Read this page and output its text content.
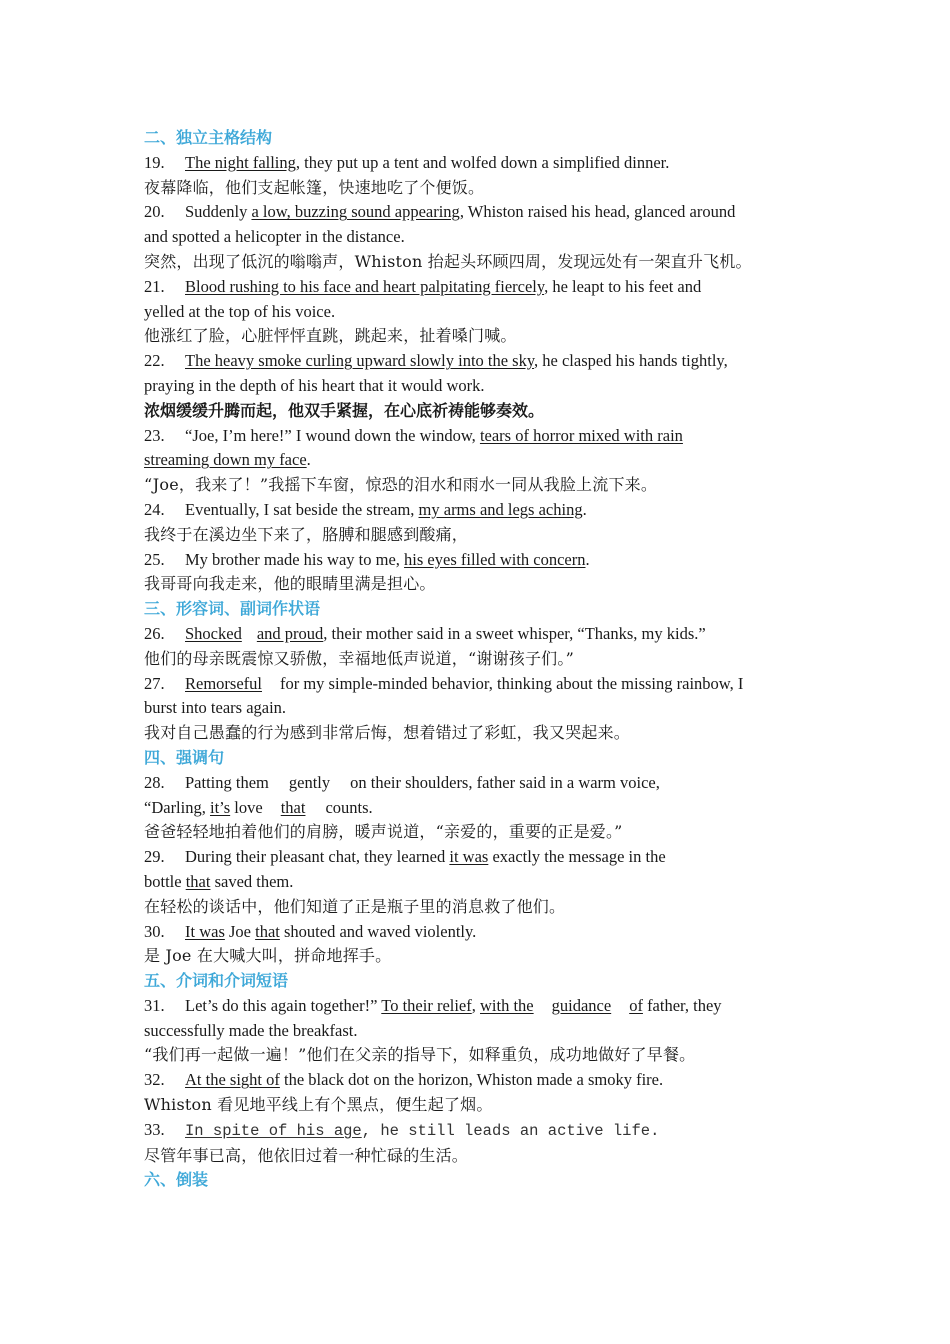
二、独立主格结构
19. The night falling, they put up a tent and wolfed down a simplified dinner.
夜幕降临，他们支起帐篷，快速地吃了个便饭。
20. Suddenly a low, buzzing sound appearing, Whiston raised his head, glanced around
and spotted a helicopter in the distance.
突然，出现了低沉的嗡嗡声，Whiston 抬起头环顾四周，发现远处有一架直升飞机。
21. Blood rushing to his face and heart palpitating fiercely, he leapt to his feet and
yelled at the top of his voice.
他涨红了脸，心脏怦怦直跳，跳起来，扯着嗓门喊。
22. The heavy smoke curling upward slowly into the sky, he clasped his hands tightly,
praying in the depth of his heart that it would work.
浓烟缓缓升腾而起，他双手紧握，在心底祈祷能够奏效。
23. “Joe, I’m here!” I wound down the window, tears of horror mixed with rain
streaming down my face.
“Joe，我来了！”我摇下车窗，惊恐的泪水和雨水一同从我脸上流下来。
24. Eventually, I sat beside the stream, my arms and legs aching.
我终于在溪边坐下来了，胳膊和腿感到酸痛，
25. My brother made his way to me, his eyes filled with concern.
我哥哥向我走来，他的眼睛里满是担心。
三、形容词、副词作状语
26. Shocked and proud, their mother said in a sweet whisper, “Thanks, my kids.”
他们的母亲既震惊又骄傲，幸福地低声说道，“谢谢孩子们。”
27. Remorseful for my simple-minded behavior, thinking about the missing rainbow, I
burst into tears again.
我对自己愚蠢的行为感到非常后悔，想着错过了彩虹，我又哭起来。
四、强调句
28. Patting them gently on their shoulders, father said in a warm voice,
“Darling, it’s love that counts.
爸爸轻轻地拍着他们的肩膀，暖声说道，“亲爱的，重要的正是爱。”
29. During their pleasant chat, they learned it was exactly the message in the
bottle that saved them.
在轻松的谈话中，他们知道了正是瓶子里的消息救了他们。
30. It was Joe that shouted and waved violently.
是 Joe 在大喊大叫，拼命地挥手。
五、介词和介词短语
31. Let’s do this again together!” To their relief, with the guidance of father, they
successfully made the breakfast.
“我们再一起做一遍！”他们在父亲的指导下，如释重负，成功地做好了早餐。
32. At the sight of the black dot on the horizon, Whiston made a smoky fire.
Whiston 看见地平线上有个黑点，便生起了烟。
33. In spite of his age, he still leads an active life.
尽管年事已高，他依旧过着一种忙碌的生活。
六、倒装
